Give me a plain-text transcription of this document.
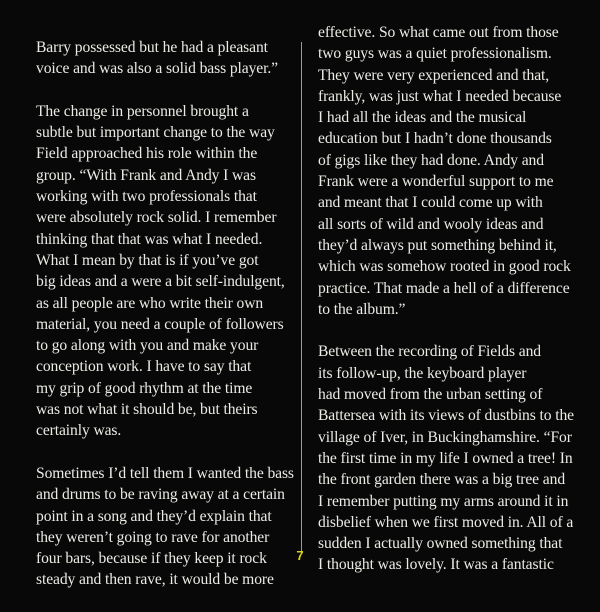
Barry possessed but he had a pleasant
voice and was also a solid bass player.”

The change in personnel brought a
subtle but important change to the way
Field approached his role within the
group. “With Frank and Andy I was
working with two professionals that
were absolutely rock solid. I remember
thinking that that was what I needed.
What I mean by that is if you’ve got
big ideas and a were a bit self-indulgent,
as all people are who write their own
material, you need a couple of followers
to go along with you and make your
conception work. I have to say that
my grip of good rhythm at the time
was not what it should be, but theirs
certainly was.

Sometimes I’d tell them I wanted the bass
and drums to be raving away at a certain
point in a song and they’d explain that
they weren’t going to rave for another
four bars, because if they keep it rock
steady and then rave, it would be more

effective. So what came out from those
two guys was a quiet professionalism.
They were very experienced and that,
frankly, was just what I needed because
I had all the ideas and the musical
education but I hadn’t done thousands
of gigs like they had done. Andy and
Frank were a wonderful support to me
and meant that I could come up with
all sorts of wild and wooly ideas and
they’d always put something behind it,
which was somehow rooted in good rock
practice. That made a hell of a difference
to the album.”

Between the recording of Fields and
its follow-up, the keyboard player
had moved from the urban setting of
Battersea with its views of dustbins to the
village of Iver, in Buckinghamshire. “For
the first time in my life I owned a tree! In
the front garden there was a big tree and
I remember putting my arms around it in
disbelief when we first moved in. All of a
sudden I actually owned something that
I thought was lovely. It was a fantastic

7
